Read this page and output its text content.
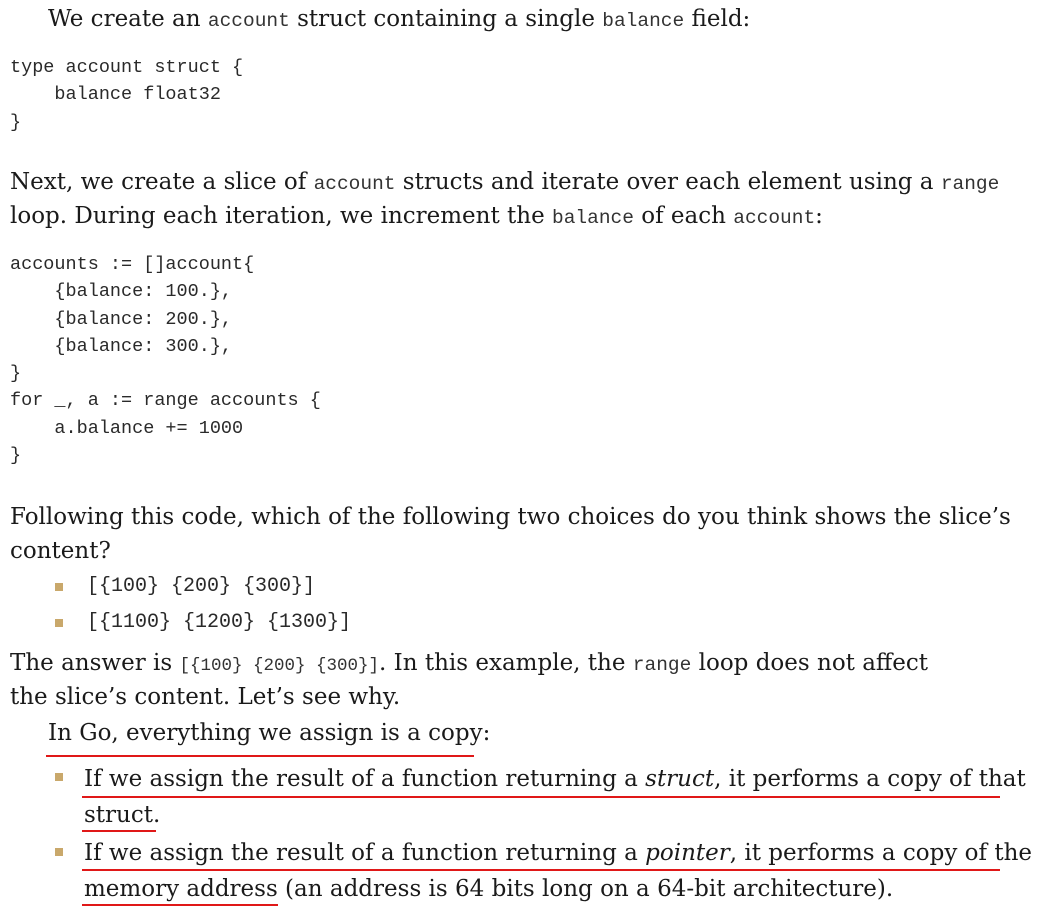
We create an account struct containing a single balance field:

type account struct {
balance float32
}

Next, we create a slice of account structs and iterate over each element using a range

loop. During each iteration, we increment the balance of each account:

accounts := []account{
{balance: 100.},
{balance: 200.},
{balance: 300.},
}
for _, a := range accounts {
a.balance += 1000
}

Following this code, which of the following two choices do you think shows the slice’s

content?

[{100} {200} {300}]
[{1100} {1200} {1300}]

The answer is [{100} {200} {300}]. In this example, the range loop does not affect

the slice’s content. Let’s see why.

In Go, everything we assign is a copy:

If we assign the result of a function returning a struct, it performs a copy of that

struct.

If we assign the result of a function returning a pointer, it performs a copy of the

memory address (an address is 64 bits long on a 64-bit architecture).
